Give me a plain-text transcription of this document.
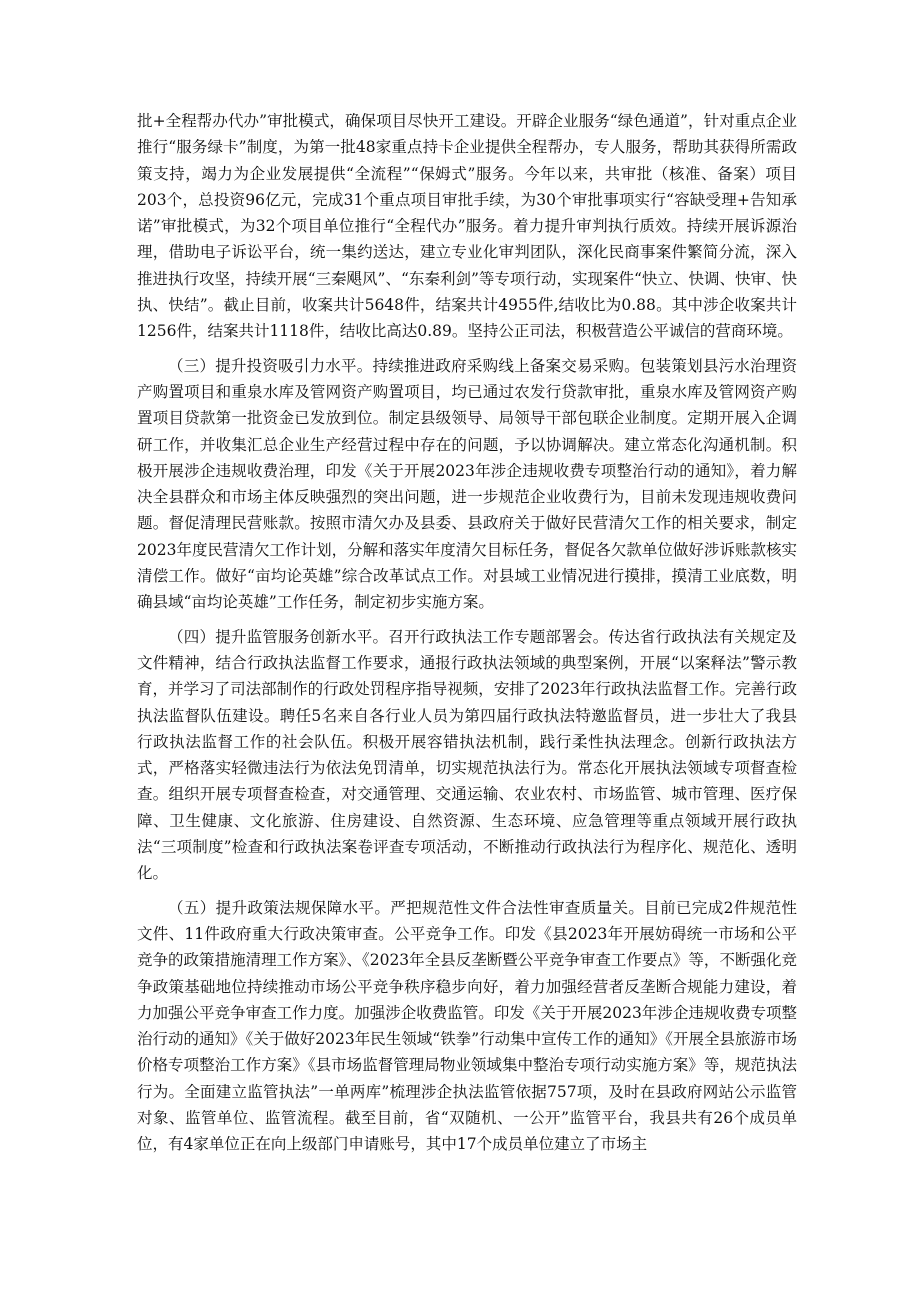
批+全程帮办代办”审批模式，确保项目尽快开工建设。开辟企业服务“绿色通道”，针对重点企业推行“服务绿卡”制度，为第一批48家重点持卡企业提供全程帮办，专人服务，帮助其获得所需政策支持，竭力为企业发展提供“全流程”“保姆式”服务。今年以来，共审批（核准、备案）项目203个，总投资96亿元，完成31个重点项目审批手续，为30个审批事项实行“容缺受理+告知承诺”审批模式，为32个项目单位推行“全程代办”服务。着力提升审判执行质效。持续开展诉源治理，借助电子诉讼平台，统一集约送达，建立专业化审判团队，深化民商事案件繁简分流，深入推进执行攻坚，持续开展“三秦飓风”、“东秦利剑”等专项行动，实现案件“快立、快调、快审、快执、快结”。截止目前，收案共计5648件，结案共计4955件,结收比为0.88。其中涉企收案共计1256件，结案共计1118件，结收比高达0.89。坚持公正司法，积极营造公平诚信的营商环境。

（三）提升投资吸引力水平。持续推进政府采购线上备案交易采购。包装策划县污水治理资产购置项目和重泉水库及管网资产购置项目，均已通过农发行贷款审批，重泉水库及管网资产购置项目贷款第一批资金已发放到位。制定县级领导、局领导干部包联企业制度。定期开展入企调研工作，并收集汇总企业生产经营过程中存在的问题，予以协调解决。建立常态化沟通机制。积极开展涉企违规收费治理，印发《关于开展2023年涉企违规收费专项整治行动的通知》，着力解决全县群众和市场主体反映强烈的突出问题，进一步规范企业收费行为，目前未发现违规收费问题。督促清理民营账款。按照市清欠办及县委、县政府关于做好民营清欠工作的相关要求，制定2023年度民营清欠工作计划，分解和落实年度清欠目标任务，督促各欠款单位做好涉诉账款核实清偿工作。做好“亩均论英雄”综合改革试点工作。对县域工业情况进行摸排，摸清工业底数，明确县域“亩均论英雄”工作任务，制定初步实施方案。

（四）提升监管服务创新水平。召开行政执法工作专题部署会。传达省行政执法有关规定及文件精神，结合行政执法监督工作要求，通报行政执法领域的典型案例，开展“以案释法”警示教育，并学习了司法部制作的行政处罚程序指导视频，安排了2023年行政执法监督工作。完善行政执法监督队伍建设。聘任5名来自各行业人员为第四届行政执法特邀监督员，进一步壮大了我县行政执法监督工作的社会队伍。积极开展容错执法机制，践行柔性执法理念。创新行政执法方式，严格落实轻微违法行为依法免罚清单，切实规范执法行为。常态化开展执法领域专项督查检查。组织开展专项督查检查，对交通管理、交通运输、农业农村、市场监管、城市管理、医疗保障、卫生健康、文化旅游、住房建设、自然资源、生态环境、应急管理等重点领域开展行政执法“三项制度”检查和行政执法案卷评查专项活动，不断推动行政执法行为程序化、规范化、透明化。

（五）提升政策法规保障水平。严把规范性文件合法性审查质量关。目前已完成2件规范性文件、11件政府重大行政决策审查。公平竞争工作。印发《县2023年开展妨碍统一市场和公平竞争的政策措施清理工作方案》、《2023年全县反垄断暨公平竞争审查工作要点》等，不断强化竞争政策基础地位持续推动市场公平竞争秩序稳步向好，着力加强经营者反垄断合规能力建设，着力加强公平竞争审查工作力度。加强涉企收费监管。印发《关于开展2023年涉企违规收费专项整治行动的通知》《关于做好2023年民生领域“铁拳”行动集中宣传工作的通知》《开展全县旅游市场价格专项整治工作方案》《县市场监督管理局物业领域集中整治专项行动实施方案》等，规范执法行为。全面建立监管执法”一单两库”梳理涉企执法监管依据757项，及时在县政府网站公示监管对象、监管单位、监管流程。截至目前，省“双随机、一公开”监管平台，我县共有26个成员单位，有4家单位正在向上级部门申请账号，其中17个成员单位建立了市场主
